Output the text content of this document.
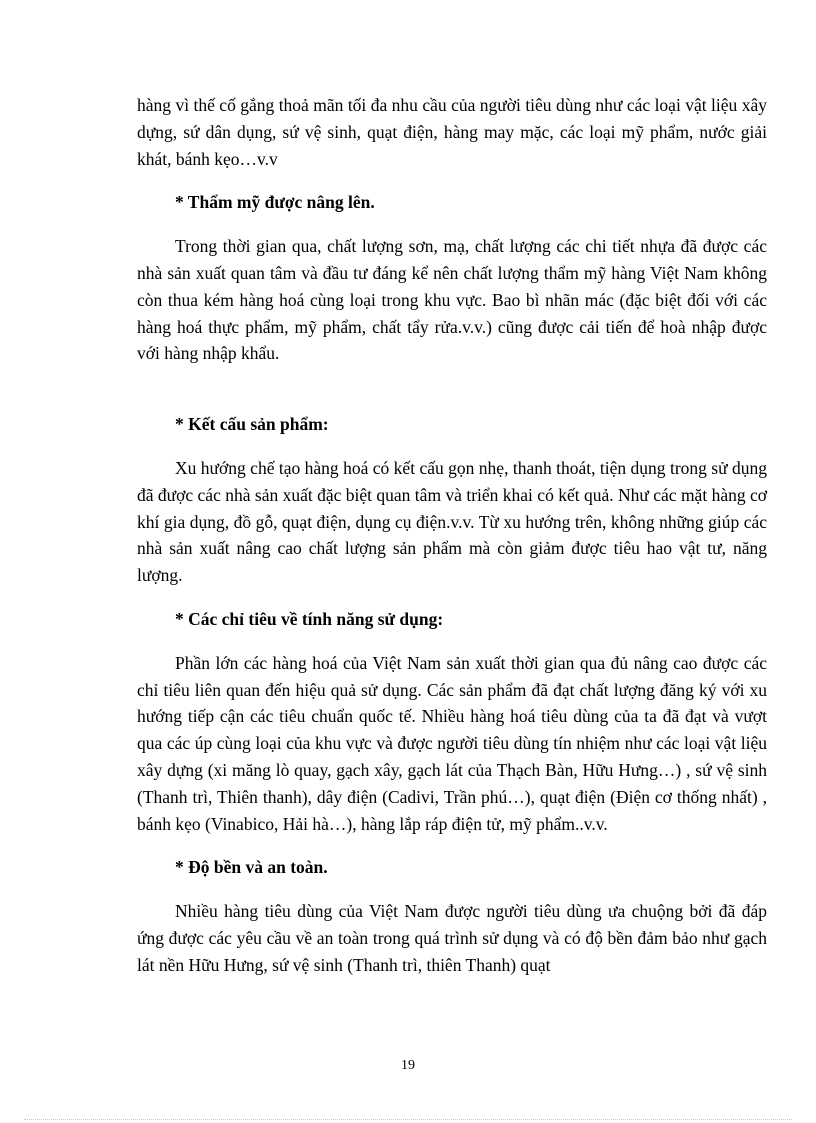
hàng vì thế cố gắng thoả mãn tối đa nhu cầu của người tiêu dùng như các loại vật liệu xây dựng, sứ dân dụng, sứ vệ sinh, quạt điện, hàng may mặc, các loại mỹ phẩm, nước giải khát, bánh kẹo…v.v

* Thẩm mỹ được nâng lên.

Trong thời gian qua, chất lượng sơn, mạ, chất lượng các chi tiết nhựa đã được các nhà sản xuất quan tâm và đầu tư đáng kể nên chất lượng thẩm mỹ hàng Việt Nam không còn thua kém hàng hoá cùng loại trong khu vực. Bao bì nhãn mác (đặc biệt đối với các hàng hoá thực phẩm, mỹ phẩm, chất tẩy rửa.v.v.) cũng được cải tiến để hoà nhập được với hàng nhập khẩu.

* Kết cấu sản phẩm:

Xu hướng chế tạo hàng hoá có kết cấu gọn nhẹ, thanh thoát, tiện dụng trong sử dụng đã được các nhà sản xuất đặc biệt quan tâm và triển khai có kết quả. Như các mặt hàng cơ khí gia dụng, đồ gỗ, quạt điện, dụng cụ điện.v.v. Từ xu hướng trên, không những giúp các nhà sản xuất nâng cao chất lượng sản phẩm mà còn giảm được tiêu hao vật tư, năng lượng.

* Các chỉ tiêu về tính năng sử dụng:

Phần lớn các hàng hoá của Việt Nam sản xuất thời gian qua đủ nâng cao được các chỉ tiêu liên quan đến hiệu quả sử dụng. Các sản phẩm đã đạt chất lượng đăng ký với xu hướng tiếp cận các tiêu chuẩn quốc tế. Nhiều hàng hoá tiêu dùng của ta đã đạt và vượt qua các úp cùng loại của khu vực và được người tiêu dùng tín nhiệm như các loại vật liệu xây dựng (xi măng lò quay, gạch xây, gạch lát của Thạch Bàn, Hữu Hưng…) , sứ vệ sinh (Thanh trì, Thiên thanh), dây điện (Cadivi, Trần phú…), quạt điện (Điện cơ thống nhất) , bánh kẹo (Vinabico, Hải hà…), hàng lắp ráp điện tử, mỹ phẩm..v.v.

* Độ bền và an toàn.

Nhiều hàng tiêu dùng của Việt Nam được người tiêu dùng ưa chuộng bởi đã đáp ứng được các yêu cầu về an toàn trong quá trình sử dụng và có độ bền đảm bảo như gạch lát nền Hữu Hưng, sứ vệ sinh (Thanh trì, thiên Thanh) quạt

19
